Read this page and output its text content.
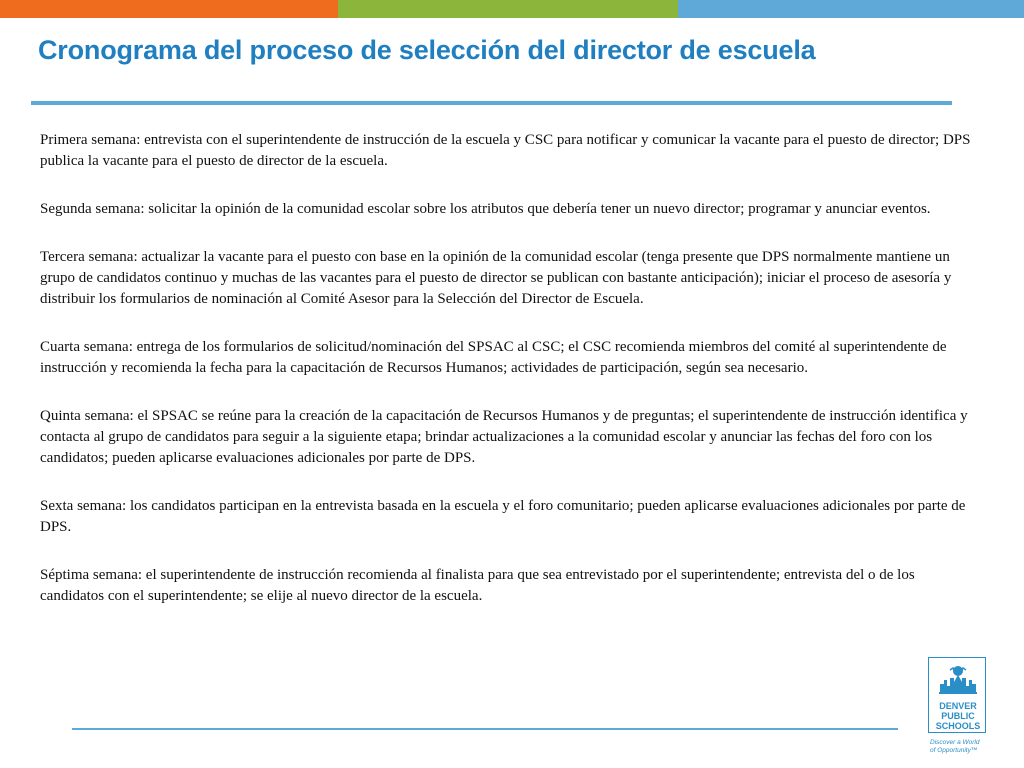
Cronograma del proceso de selección del director de escuela

Primera semana: entrevista con el superintendente de instrucción de la escuela y CSC para notificar y comunicar la vacante para el puesto de director; DPS publica la vacante para el puesto de director de la escuela.

Segunda semana: solicitar la opinión de la comunidad escolar sobre los atributos que debería tener un nuevo director; programar y anunciar eventos.

Tercera semana: actualizar la vacante para el puesto con base en la opinión de la comunidad escolar (tenga presente que DPS normalmente mantiene un grupo de candidatos continuo y muchas de las vacantes para el puesto de director se publican con bastante anticipación); iniciar el proceso de asesoría y distribuir los formularios de nominación al Comité Asesor para la Selección del Director de Escuela.

Cuarta semana: entrega de los formularios de solicitud/nominación del SPSAC al CSC; el CSC recomienda miembros del comité al superintendente de instrucción y recomienda la fecha para la capacitación de Recursos Humanos; actividades de participación, según sea necesario.

Quinta semana: el SPSAC se reúne para la creación de la capacitación de Recursos Humanos y de preguntas; el superintendente de instrucción identifica y contacta al grupo de candidatos para seguir a la siguiente etapa; brindar actualizaciones a la comunidad escolar y anunciar las fechas del foro con los candidatos; pueden aplicarse evaluaciones adicionales por parte de DPS.

Sexta semana: los candidatos participan en la entrevista basada en la escuela y el foro comunitario; pueden aplicarse evaluaciones adicionales por parte de DPS.

Séptima semana: el superintendente de instrucción recomienda al finalista para que sea entrevistado por el superintendente; entrevista del o de los candidatos con el superintendente; se elije al nuevo director de la escuela.

DENVER
PUBLIC
SCHOOLS
Discover a World
of Opportunity™
